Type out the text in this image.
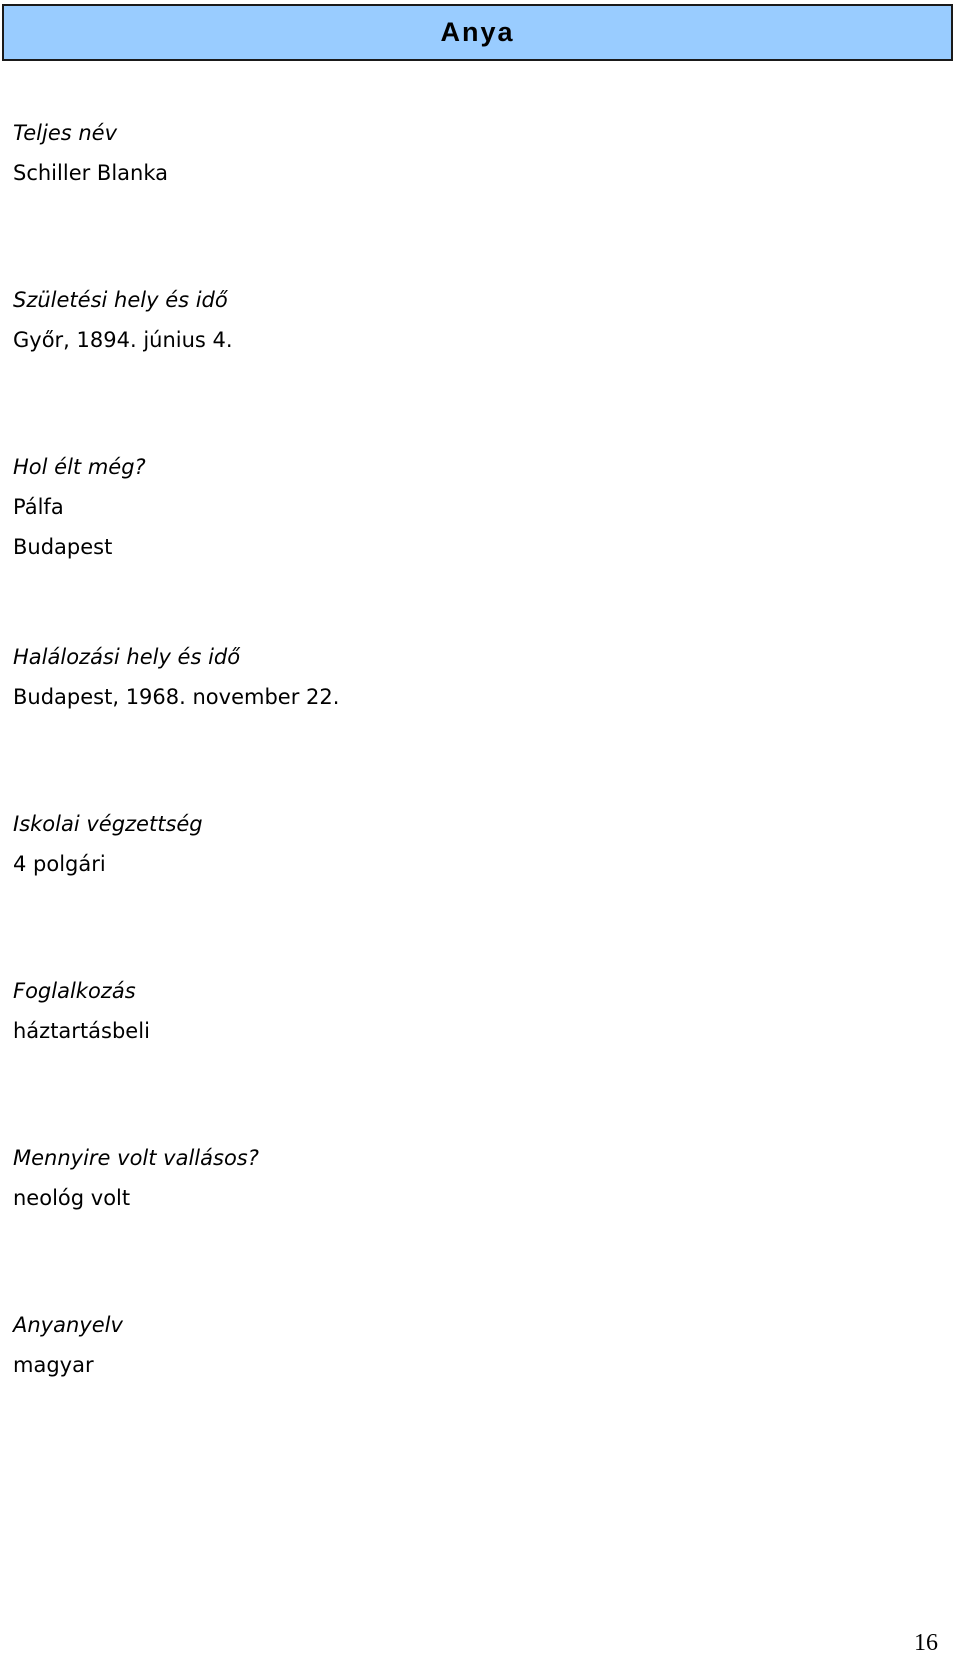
Anya
Teljes név
Schiller Blanka
Születési hely és idő
Győr, 1894. június 4.
Hol élt még?
Pálfa
Budapest
Halálozási hely és idő
Budapest, 1968. november 22.
Iskolai végzettség
4 polgári
Foglalkozás
háztartásbeli
Mennyire volt vallásos?
neológ volt
Anyanyelv
magyar
16
